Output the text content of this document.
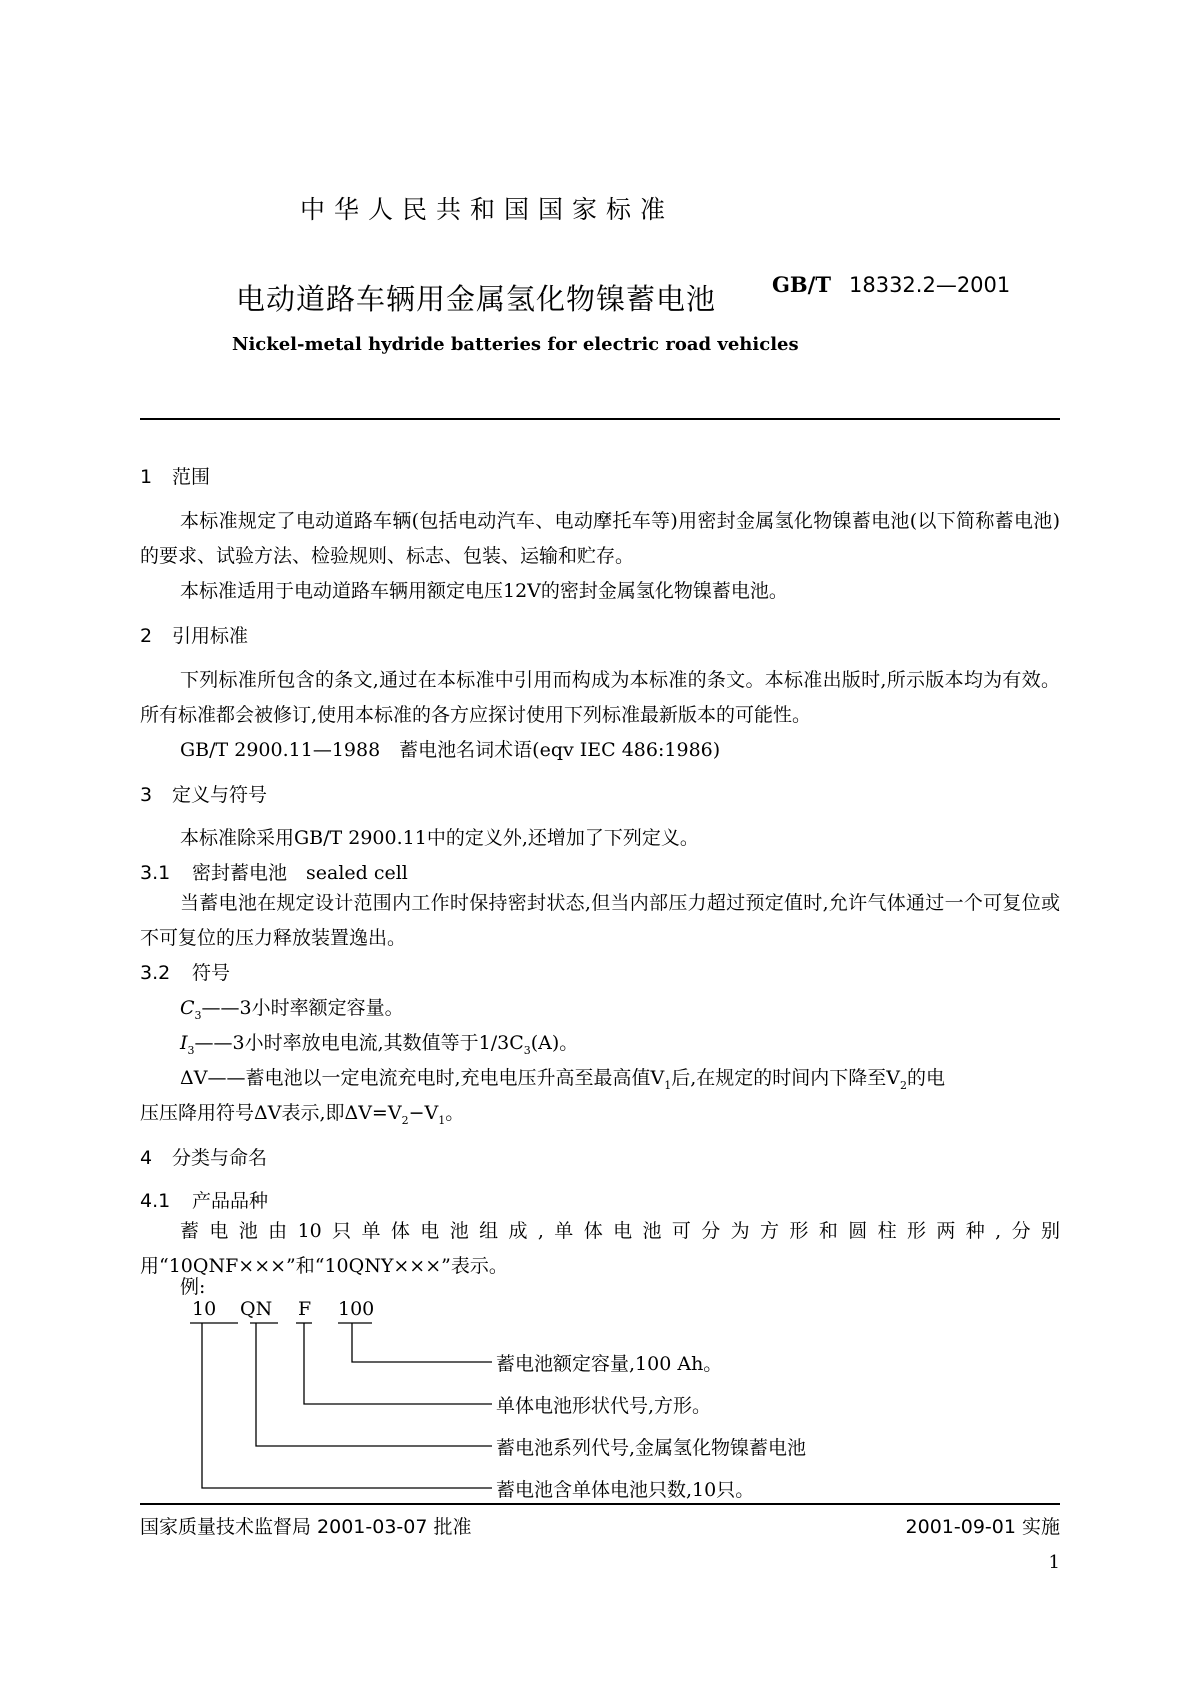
中华人民共和国国家标准
电动道路车辆用金属氢化物镍蓄电池	GB/T 18332.2—2001
Nickel-metal hydride batteries for electric road vehicles
1 范围
本标准规定了电动道路车辆(包括电动汽车、电动摩托车等)用密封金属氢化物镍蓄电池(以下简称蓄电池)的要求、试验方法、检验规则、标志、包装、运输和贮存。
本标准适用于电动道路车辆用额定电压12V的密封金属氢化物镍蓄电池。
2 引用标准
下列标准所包含的条文,通过在本标准中引用而构成为本标准的条文。本标准出版时,所示版本均为有效。所有标准都会被修订,使用本标准的各方应探讨使用下列标准最新版本的可能性。
GB/T 2900.11—1988　蓄电池名词术语(eqv IEC 486:1986)
3 定义与符号
本标准除采用GB/T 2900.11中的定义外,还增加了下列定义。
3.1 密封蓄电池　sealed cell
当蓄电池在规定设计范围内工作时保持密封状态,但当内部压力超过预定值时,允许气体通过一个可复位或不可复位的压力释放装置逸出。
3.2 符号
$C_3——3$小时率额定容量。
$I_3——3$小时率放电电流,其数值等于$1/3C_3(A)$。
ΔV——蓄电池以一定电流充电时,充电电压升高至最高值$V_1$后,在规定的时间内下降至$V_2$的电
压压降用符号ΔV表示,即$\Delta V=V_2-V_1$。
4 分类与命名
4.1 产品品种
蓄电池由10只单体电池组成,单体电池可分为方形和圆柱形两种,分别用“10QNF×××”和“10QNY×××”表示。
例:
10 QN F 100
蓄电池额定容量,100 Ah。
单体电池形状代号,方形。
蓄电池系列代号,金属氢化物镍蓄电池
蓄电池含单体电池只数,10只。
国家质量技术监督局 2001-03-07 批准	2001-09-01 实施
1
